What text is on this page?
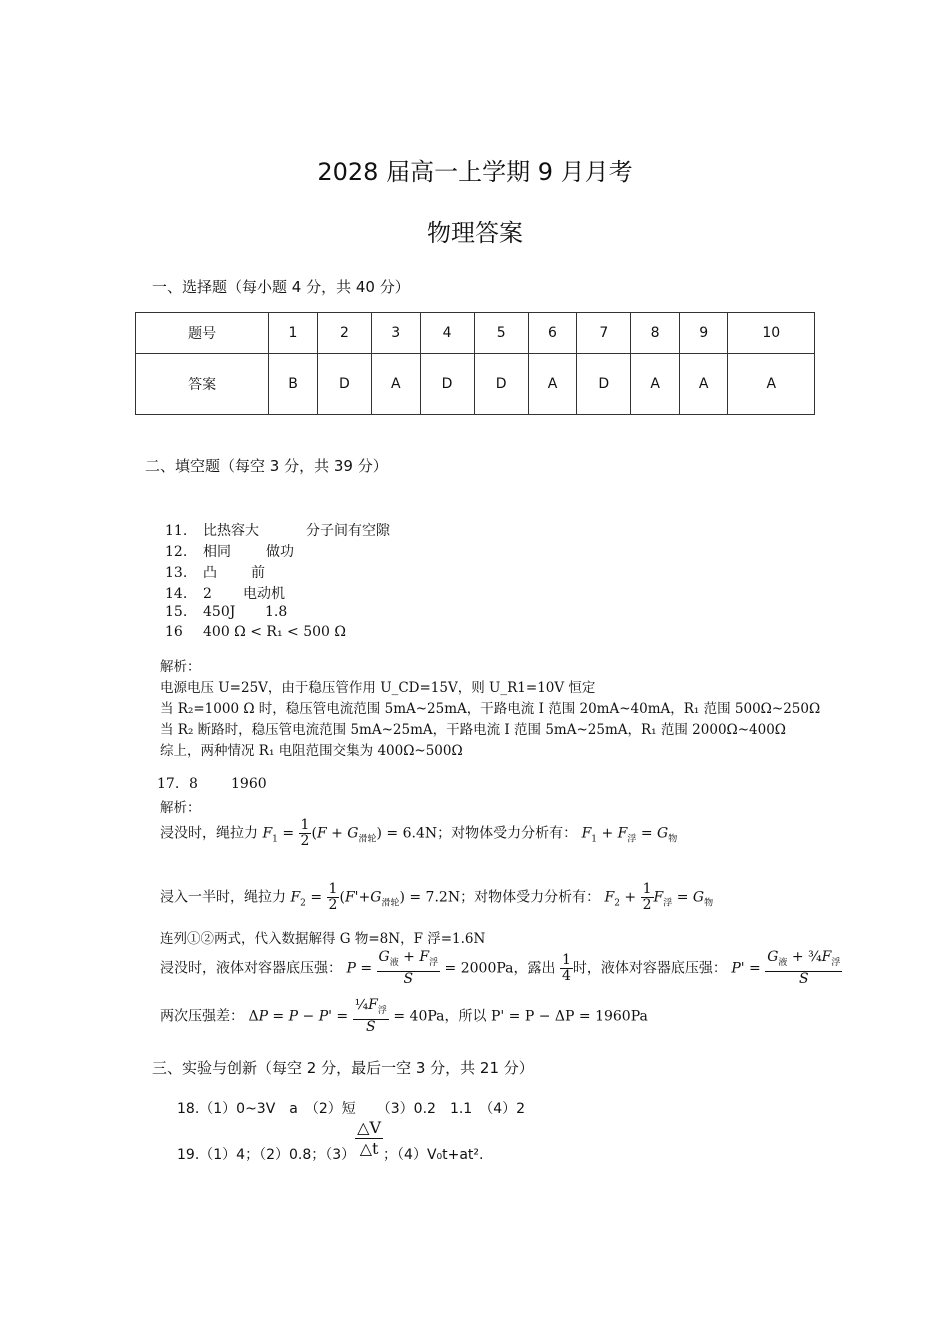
2028 届高一上学期 9 月月考
物理答案
一、选择题（每小题 4 分，共 40 分）
题号	1	2	3	4	5	6	7	8	9	10
答案	B	D	A	D	D	A	D	A	A	A
二、填空题（每空 3 分，共 39 分）
11. 比热容大	分子间有空隙
12. 相同	做功
13. 凸 前
14. 2 电动机
15. 450J 1.8
16 400 Ω < R₁ < 500 Ω
解析：
电源电压 U=25V，由于稳压管作用 U_CD=15V，则 U_R1=10V 恒定
当 R₂=1000 Ω 时，稳压管电流范围 5mA~25mA，干路电流 I 范围 20mA~40mA，R₁ 范围 500Ω~250Ω
当 R₂ 断路时，稳压管电流范围 5mA~25mA，干路电流 I 范围 5mA~25mA，R₁ 范围 2000Ω~400Ω
综上，两种情况 R₁ 电阻范围交集为 400Ω~500Ω
17. 8 1960
解析：
浸没时，绳拉力 $F_1 = \frac{1}{2} (F + G_{滑轮}) = 6.4N$；对物体受力分析有： $F_1 + F_浮 = G_物$
浸入一半时，绳拉力 $F_2 = \frac{1}{2} (F'+G_{滑轮}) = 7.2N$；对物体受力分析有： $F_2 + \frac{1}{2} F_浮 = G_物$
连列①②两式，代入数据解得 G 物=8N，F 浮=1.6N
浸没时，液体对容器底压强： $P = \frac{G_液 + F_浮}{S} = 2000Pa$，露出 $\frac{1}{4}$ 时，液体对容器底压强： $P' = \frac{G_液 + \frac{3}{4}F_浮}{S}$
两次压强差： $\Delta P = P - P' = \frac{\frac{1}{4}F_浮}{S} = 40Pa$，所以 P' = P − ΔP = 1960Pa
三、实验与创新（每空 2 分，最后一空 3 分，共 21 分）
18.（1）0~3V　a　（2）短　　（3）0.2　1.1　（4）2
19.（1）4；（2）0.8；$(3) \frac{\triangle V}{\triangle t}$ ；（4）V₀t+at².
